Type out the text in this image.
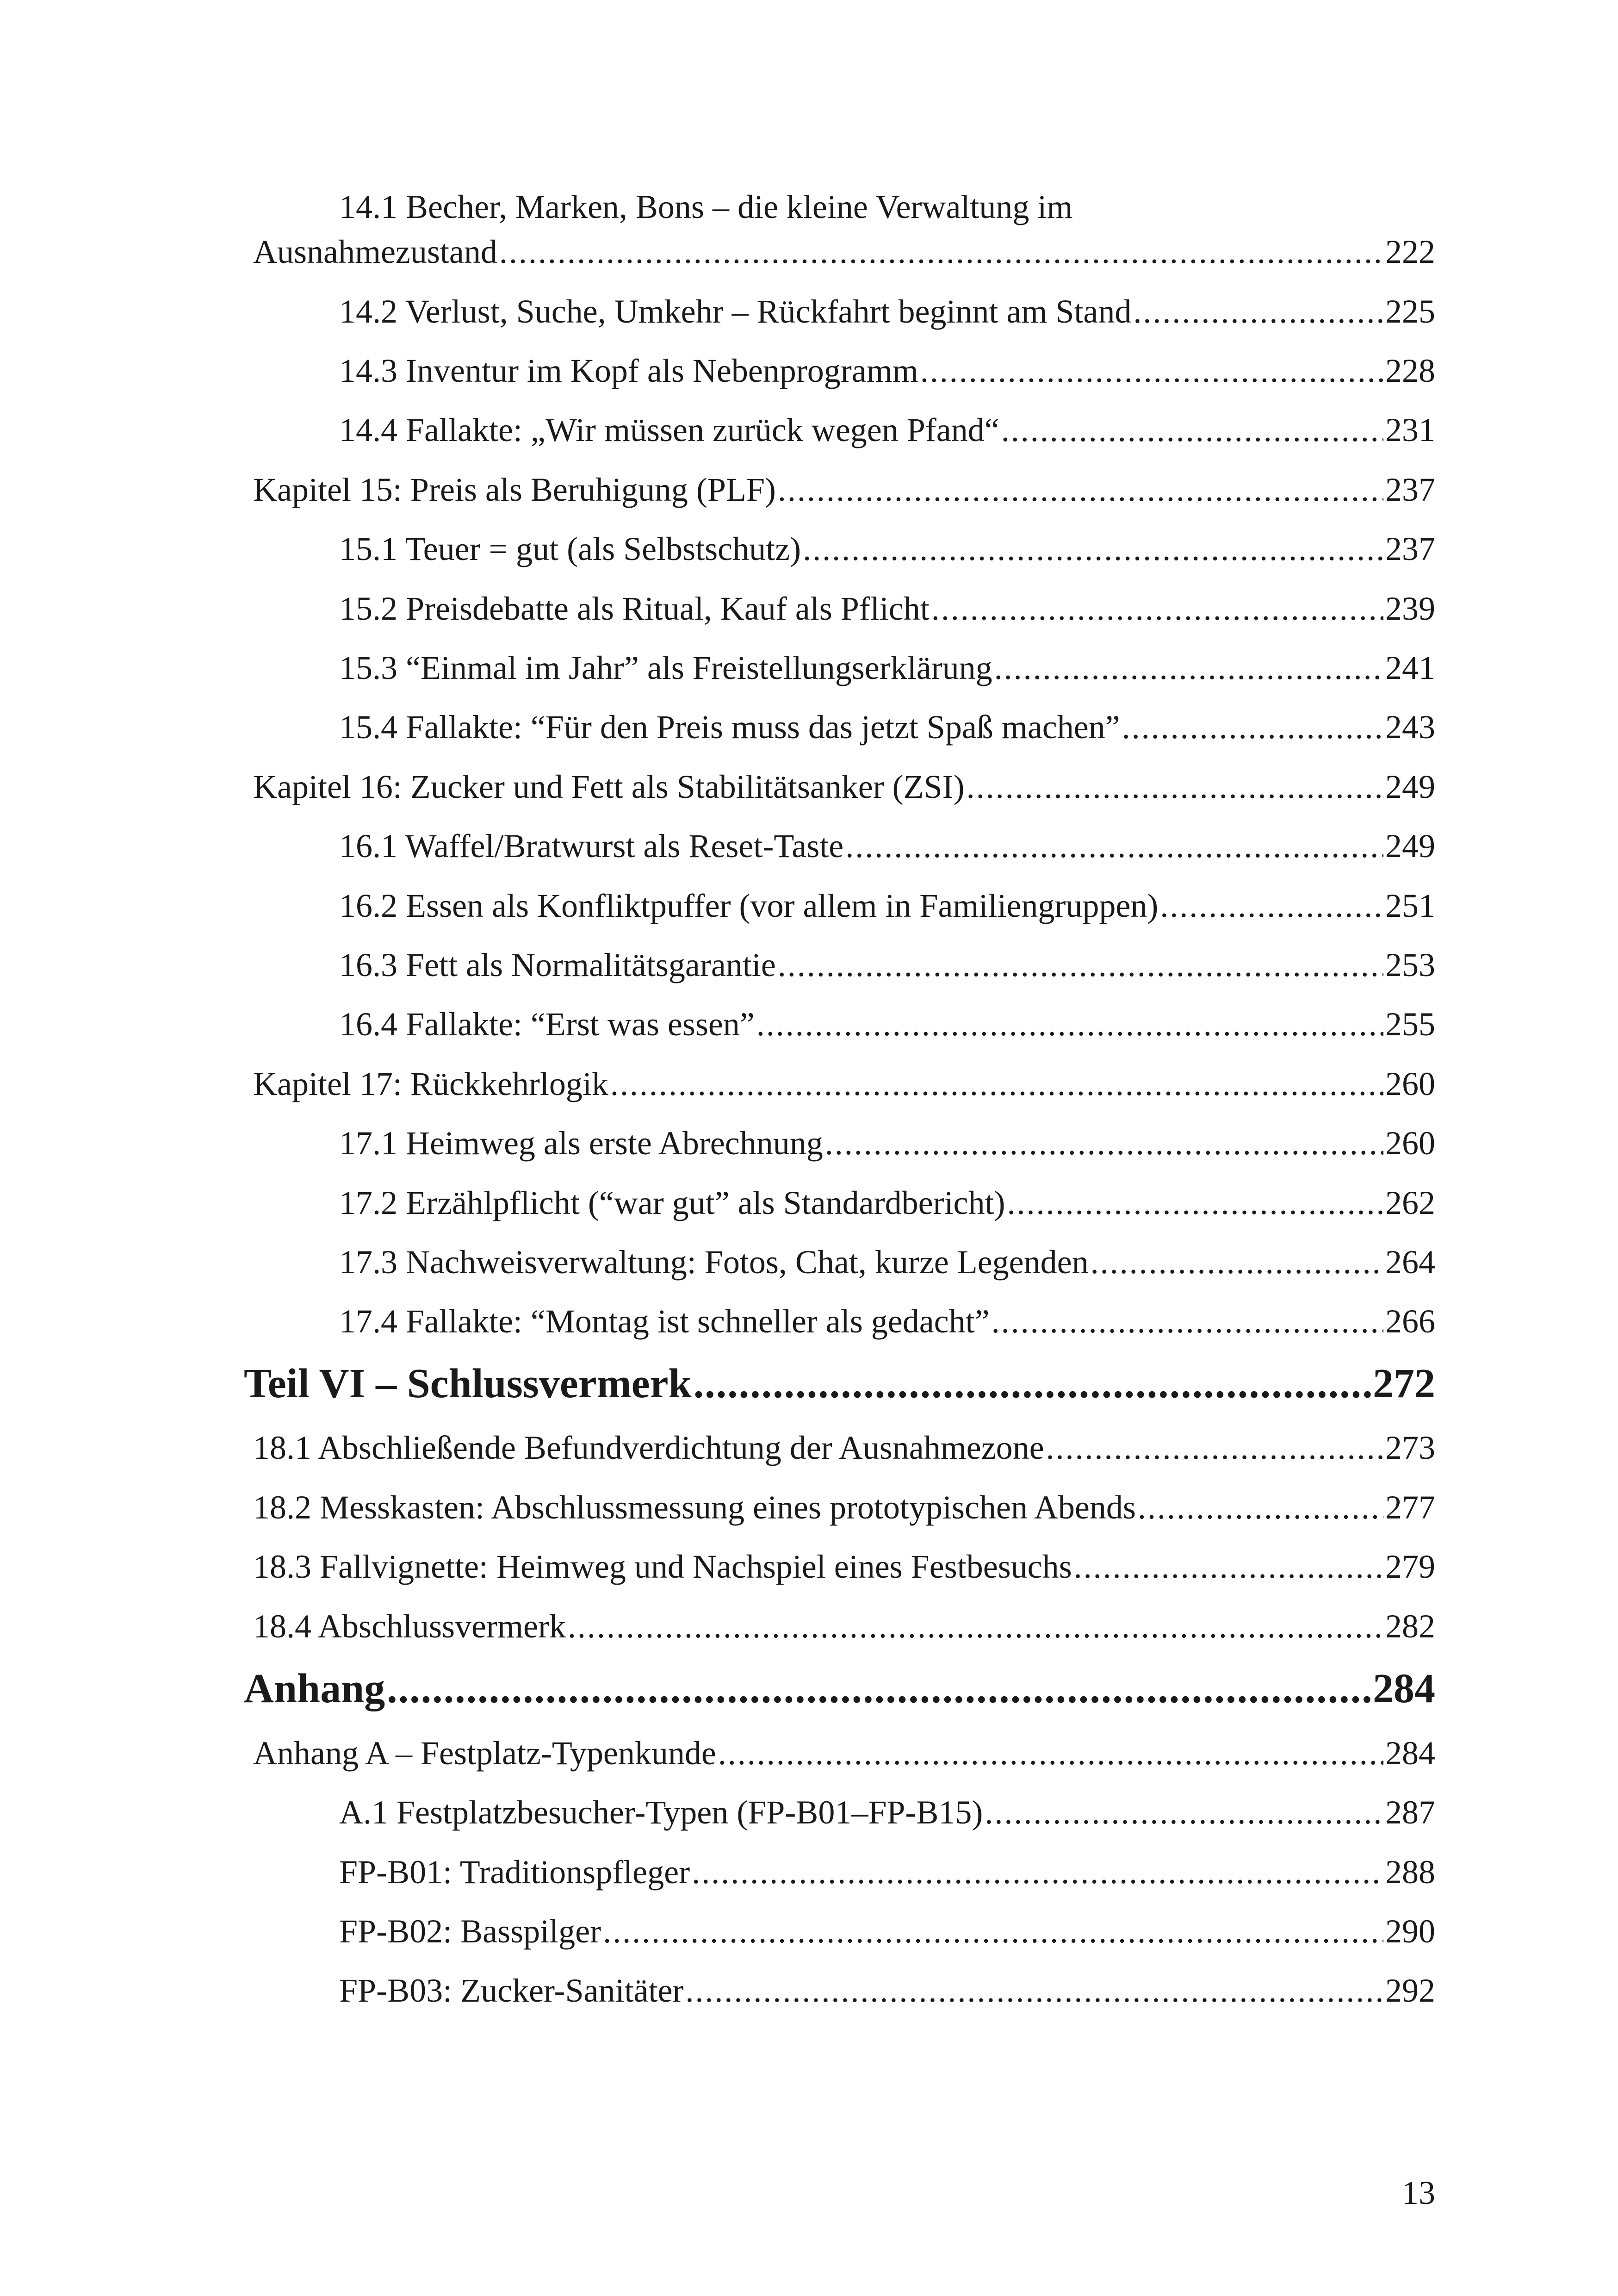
14.1 Becher, Marken, Bons – die kleine Verwaltung im
Ausnahmezustand .....	222
14.2 Verlust, Suche, Umkehr – Rückfahrt beginnt am Stand .....	225
14.3 Inventur im Kopf als Nebenprogramm .....	228
14.4 Fallakte: „Wir müssen zurück wegen Pfand“ .....	231
Kapitel 15: Preis als Beruhigung (PLF) .....	237
15.1 Teuer = gut (als Selbstschutz) .....	237
15.2 Preisdebatte als Ritual, Kauf als Pflicht .....	239
15.3 “Einmal im Jahr” als Freistellungserklärung .....	241
15.4 Fallakte: “Für den Preis muss das jetzt Spaß machen” .....	243
Kapitel 16: Zucker und Fett als Stabilitätsanker (ZSI) .....	249
16.1 Waffel/Bratwurst als Reset-Taste .....	249
16.2 Essen als Konfliktpuffer (vor allem in Familiengruppen) .....	251
16.3 Fett als Normalitätsgarantie .....	253
16.4 Fallakte: “Erst was essen” .....	255
Kapitel 17: Rückkehrlogik .....	260
17.1 Heimweg als erste Abrechnung .....	260
17.2 Erzählpflicht (“war gut” als Standardbericht) .....	262
17.3 Nachweisverwaltung: Fotos, Chat, kurze Legenden .....	264
17.4 Fallakte: “Montag ist schneller als gedacht” .....	266
Teil VI – Schlussvermerk .....	272
18.1 Abschließende Befundverdichtung der Ausnahmezone .....	273
18.2 Messkasten: Abschlussmessung eines prototypischen Abends .....	277
18.3 Fallvignette: Heimweg und Nachspiel eines Festbesuchs .....	279
18.4 Abschlussvermerk .....	282
Anhang .....	284
Anhang A – Festplatz-Typenkunde .....	284
A.1 Festplatzbesucher-Typen (FP-B01–FP-B15) .....	287
FP-B01: Traditionspfleger .....	288
FP-B02: Basspilger .....	290
FP-B03: Zucker-Sanitäter .....	292
13
